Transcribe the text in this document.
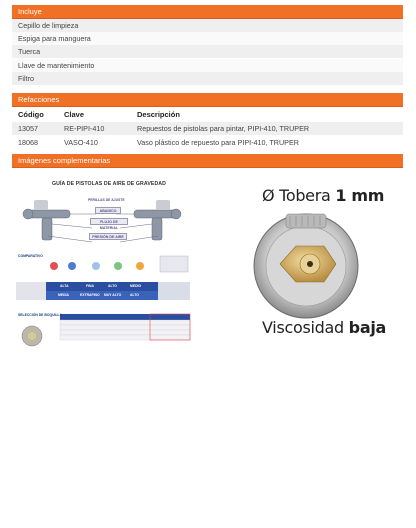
Incluye
Cepillo de limpieza
Espiga para manguera
Tuerca
Llave de mantenimiento
Filtro
Refacciones
Código	Clave	Descripción
13057	RE-PIPI-410	Repuestos de pistolas para pintar, PIPI-410, TRUPER
18068	VASO-410	Vaso plástico de repuesto para PIPI-410, TRUPER
Imágenes complementarias
GUÍA DE PISTOLAS DE AIRE DE GRAVEDAD
PERILLAS DE AJUSTE
ABANICO
FLUJO DE MATERIAL
PRESIÓN DE AIRE
COMPARATIVO
ALTA	FINA	ALTO	MEDIO
MEDIA	EXTRAFINO MUY ALTO	ALTO
SELECCIÓN DE BOQUILLA
Ø Tobera 1 mm
Viscosidad baja
